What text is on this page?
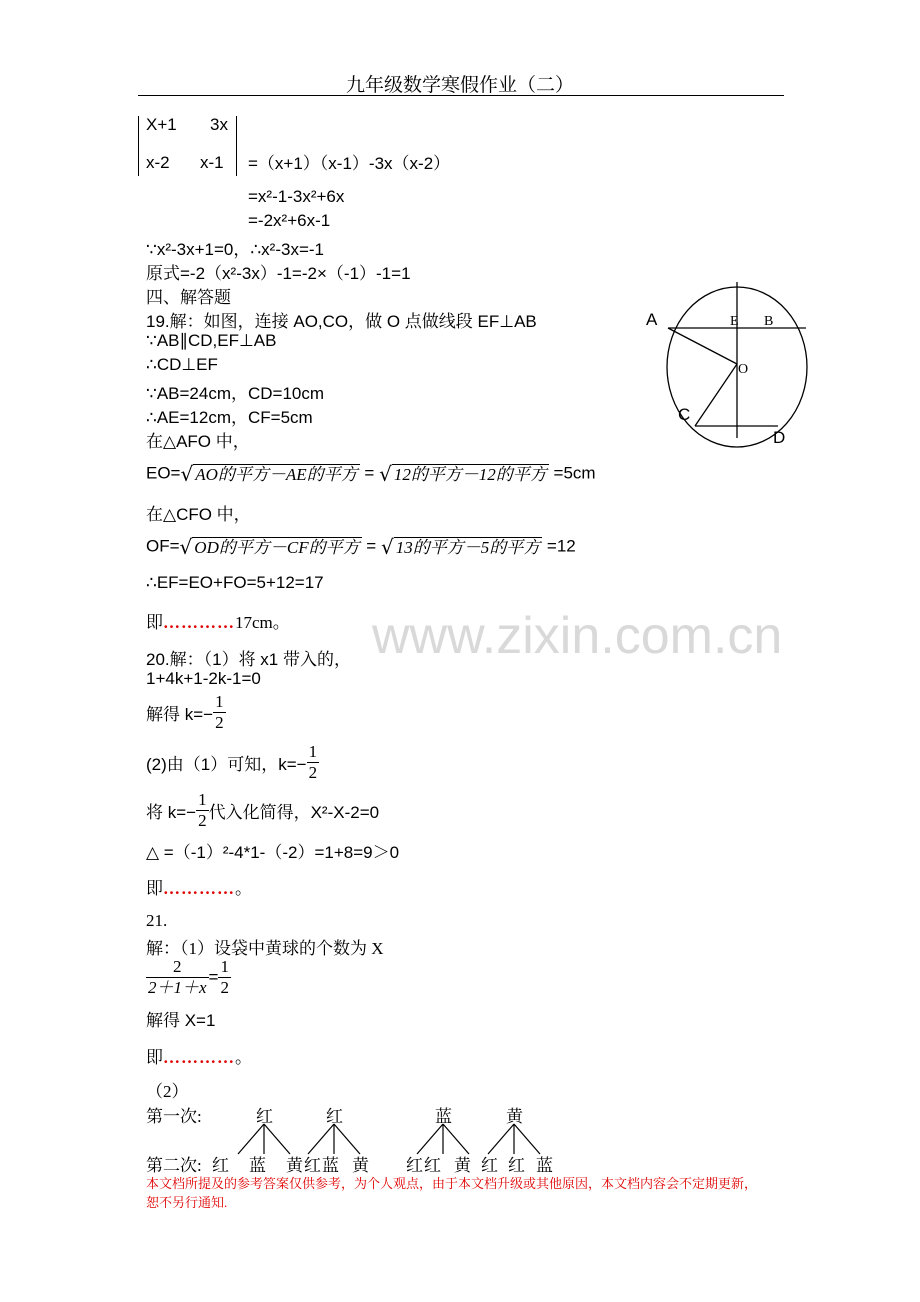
九年级数学寒假作业（二）
X+1 3x
x-2 x-1 =（x+1）（x-1）-3x（x-2）
=x²-1-3x²+6x
=-2x²+6x-1
∵x²-3x+1=0，∴x²-3x=-1
原式=-2（x²-3x）-1=-2×（-1）-1=1
四、解答题
19.解：如图，连接 AO,CO，做 O 点做线段 EF⊥AB
∵AB∥CD,EF⊥AB
∴CD⊥EF
∵AB=24cm，CD=10cm
∴AE=12cm，CF=5cm
在△AFO 中，
A	E B
O
C
D
EO= √ AO的平方－AE的平方 = √ 12的平方－12的平方 =5cm
在△CFO 中，
OF= √ OD的平方－CF的平方 = √ 13的平方－5的平方 =12
∴EF=EO+FO=5+12=17
即…………17cm。 www.zixin.com.cn
20.解：（1）将 x1 带入的，
1+4k+1-2k-1=0
解得 $k=- \frac{1}{2}$
(2)由（1）可知，$k=- \frac{1}{2}$
将 $k=- \frac{1}{2}$ 代入化简得，X²-X-2=0
△ =（-1）²-4*1-（-2）=1+8=9＞0
即…………。
21.
解：（1）设袋中黄球的个数为 X
$\frac{2}{2+1+x} = \frac{1}{2}$
解得 X=1
即…………。
（2）
第一次:
第二次:
红	红	蓝	黄
红 蓝 黄 红 蓝 黄 红 红 黄 红 红 蓝
本文档所提及的参考答案仅供参考，为个人观点，由于本文档升级或其他原因，本文档内容会不定期更新，
恕不另行通知.
